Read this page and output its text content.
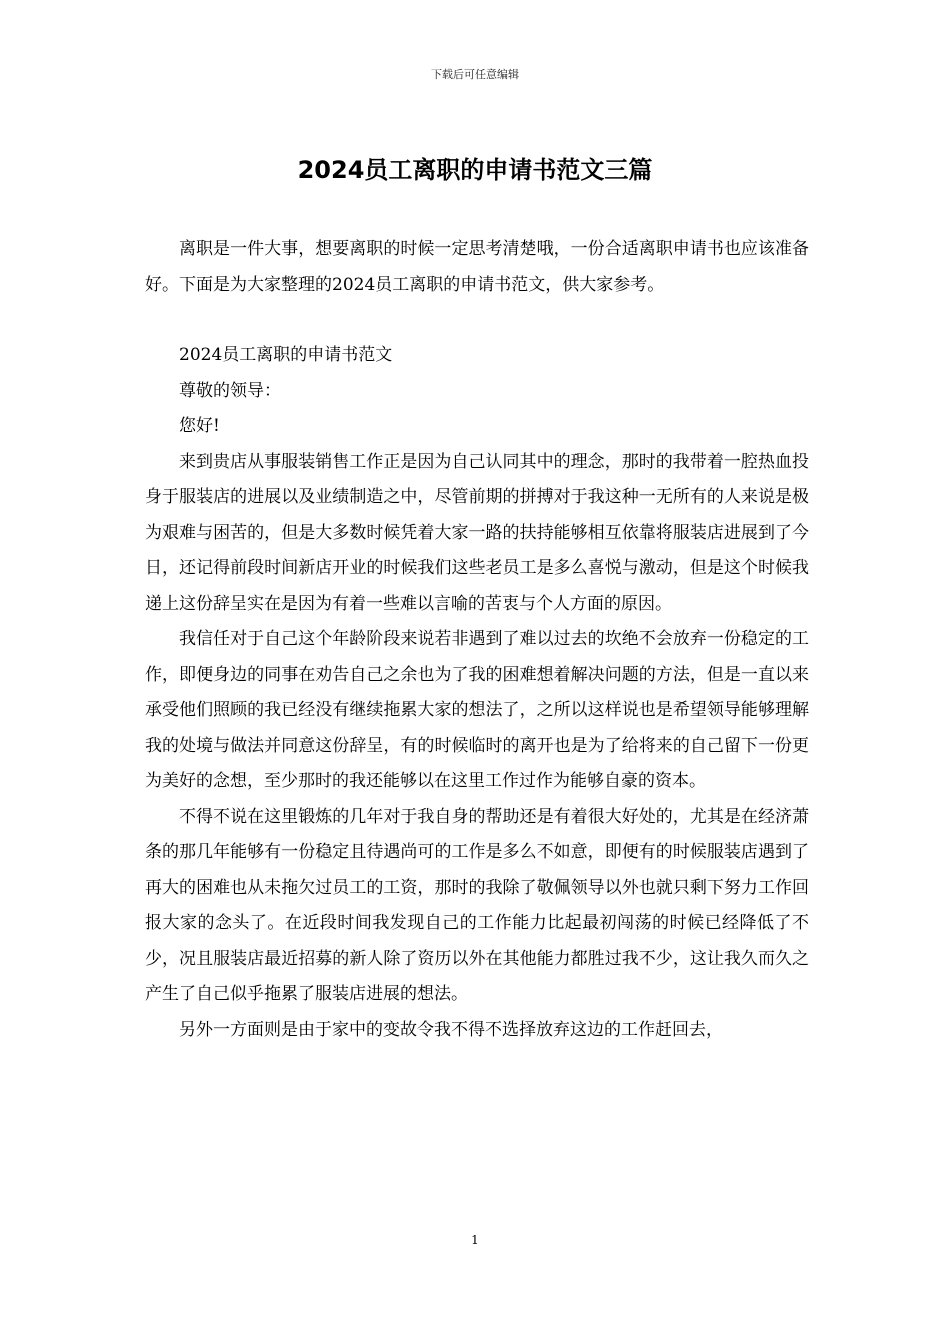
下载后可任意编辑
2024员工离职的申请书范文三篇

离职是一件大事，想要离职的时候一定思考清楚哦，一份合适离职申请书也应该准备好。下面是为大家整理的2024员工离职的申请书范文，供大家参考。

2024员工离职的申请书范文

尊敬的领导：

您好!

来到贵店从事服装销售工作正是因为自己认同其中的理念，那时的我带着一腔热血投身于服装店的进展以及业绩制造之中，尽管前期的拼搏对于我这种一无所有的人来说是极为艰难与困苦的，但是大多数时候凭着大家一路的扶持能够相互依靠将服装店进展到了今日，还记得前段时间新店开业的时候我们这些老员工是多么喜悦与激动，但是这个时候我递上这份辞呈实在是因为有着一些难以言喻的苦衷与个人方面的原因。

我信任对于自己这个年龄阶段来说若非遇到了难以过去的坎绝不会放弃一份稳定的工作，即便身边的同事在劝告自己之余也为了我的困难想着解决问题的方法，但是一直以来承受他们照顾的我已经没有继续拖累大家的想法了，之所以这样说也是希望领导能够理解我的处境与做法并同意这份辞呈，有的时候临时的离开也是为了给将来的自己留下一份更为美好的念想，至少那时的我还能够以在这里工作过作为能够自豪的资本。

不得不说在这里锻炼的几年对于我自身的帮助还是有着很大好处的，尤其是在经济萧条的那几年能够有一份稳定且待遇尚可的工作是多么不如意，即便有的时候服装店遇到了再大的困难也从未拖欠过员工的工资，那时的我除了敬佩领导以外也就只剩下努力工作回报大家的念头了。在近段时间我发现自己的工作能力比起最初闯荡的时候已经降低了不少，况且服装店最近招募的新人除了资历以外在其他能力都胜过我不少，这让我久而久之产生了自己似乎拖累了服装店进展的想法。

另外一方面则是由于家中的变故令我不得不选择放弃这边的工作赶回去，

1
